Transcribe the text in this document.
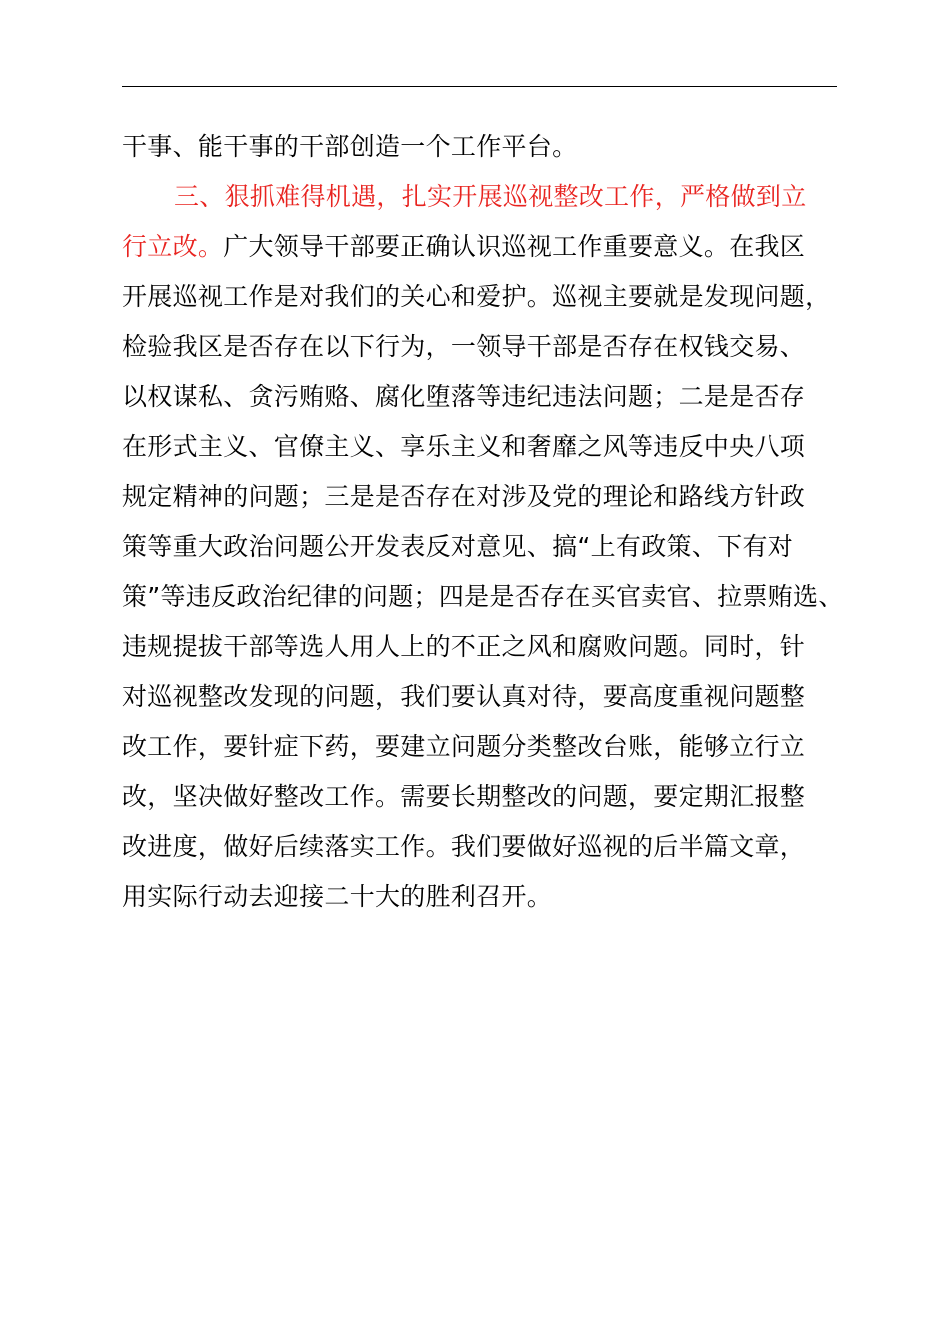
干事、能干事的干部创造一个工作平台。
三、狠抓难得机遇，扎实开展巡视整改工作，严格做到立
行立改。广大领导干部要正确认识巡视工作重要意义。在我区
开展巡视工作是对我们的关心和爱护。巡视主要就是发现问题，
检验我区是否存在以下行为，一领导干部是否存在权钱交易、
以权谋私、贪污贿赂、腐化堕落等违纪违法问题；二是是否存
在形式主义、官僚主义、享乐主义和奢靡之风等违反中央八项
规定精神的问题；三是是否存在对涉及党的理论和路线方针政
策等重大政治问题公开发表反对意见、搞“上有政策、下有对
策”等违反政治纪律的问题；四是是否存在买官卖官、拉票贿选、
违规提拔干部等选人用人上的不正之风和腐败问题。同时，针
对巡视整改发现的问题，我们要认真对待，要高度重视问题整
改工作，要针症下药，要建立问题分类整改台账，能够立行立
改，坚决做好整改工作。需要长期整改的问题，要定期汇报整
改进度，做好后续落实工作。我们要做好巡视的后半篇文章，
用实际行动去迎接二十大的胜利召开。
